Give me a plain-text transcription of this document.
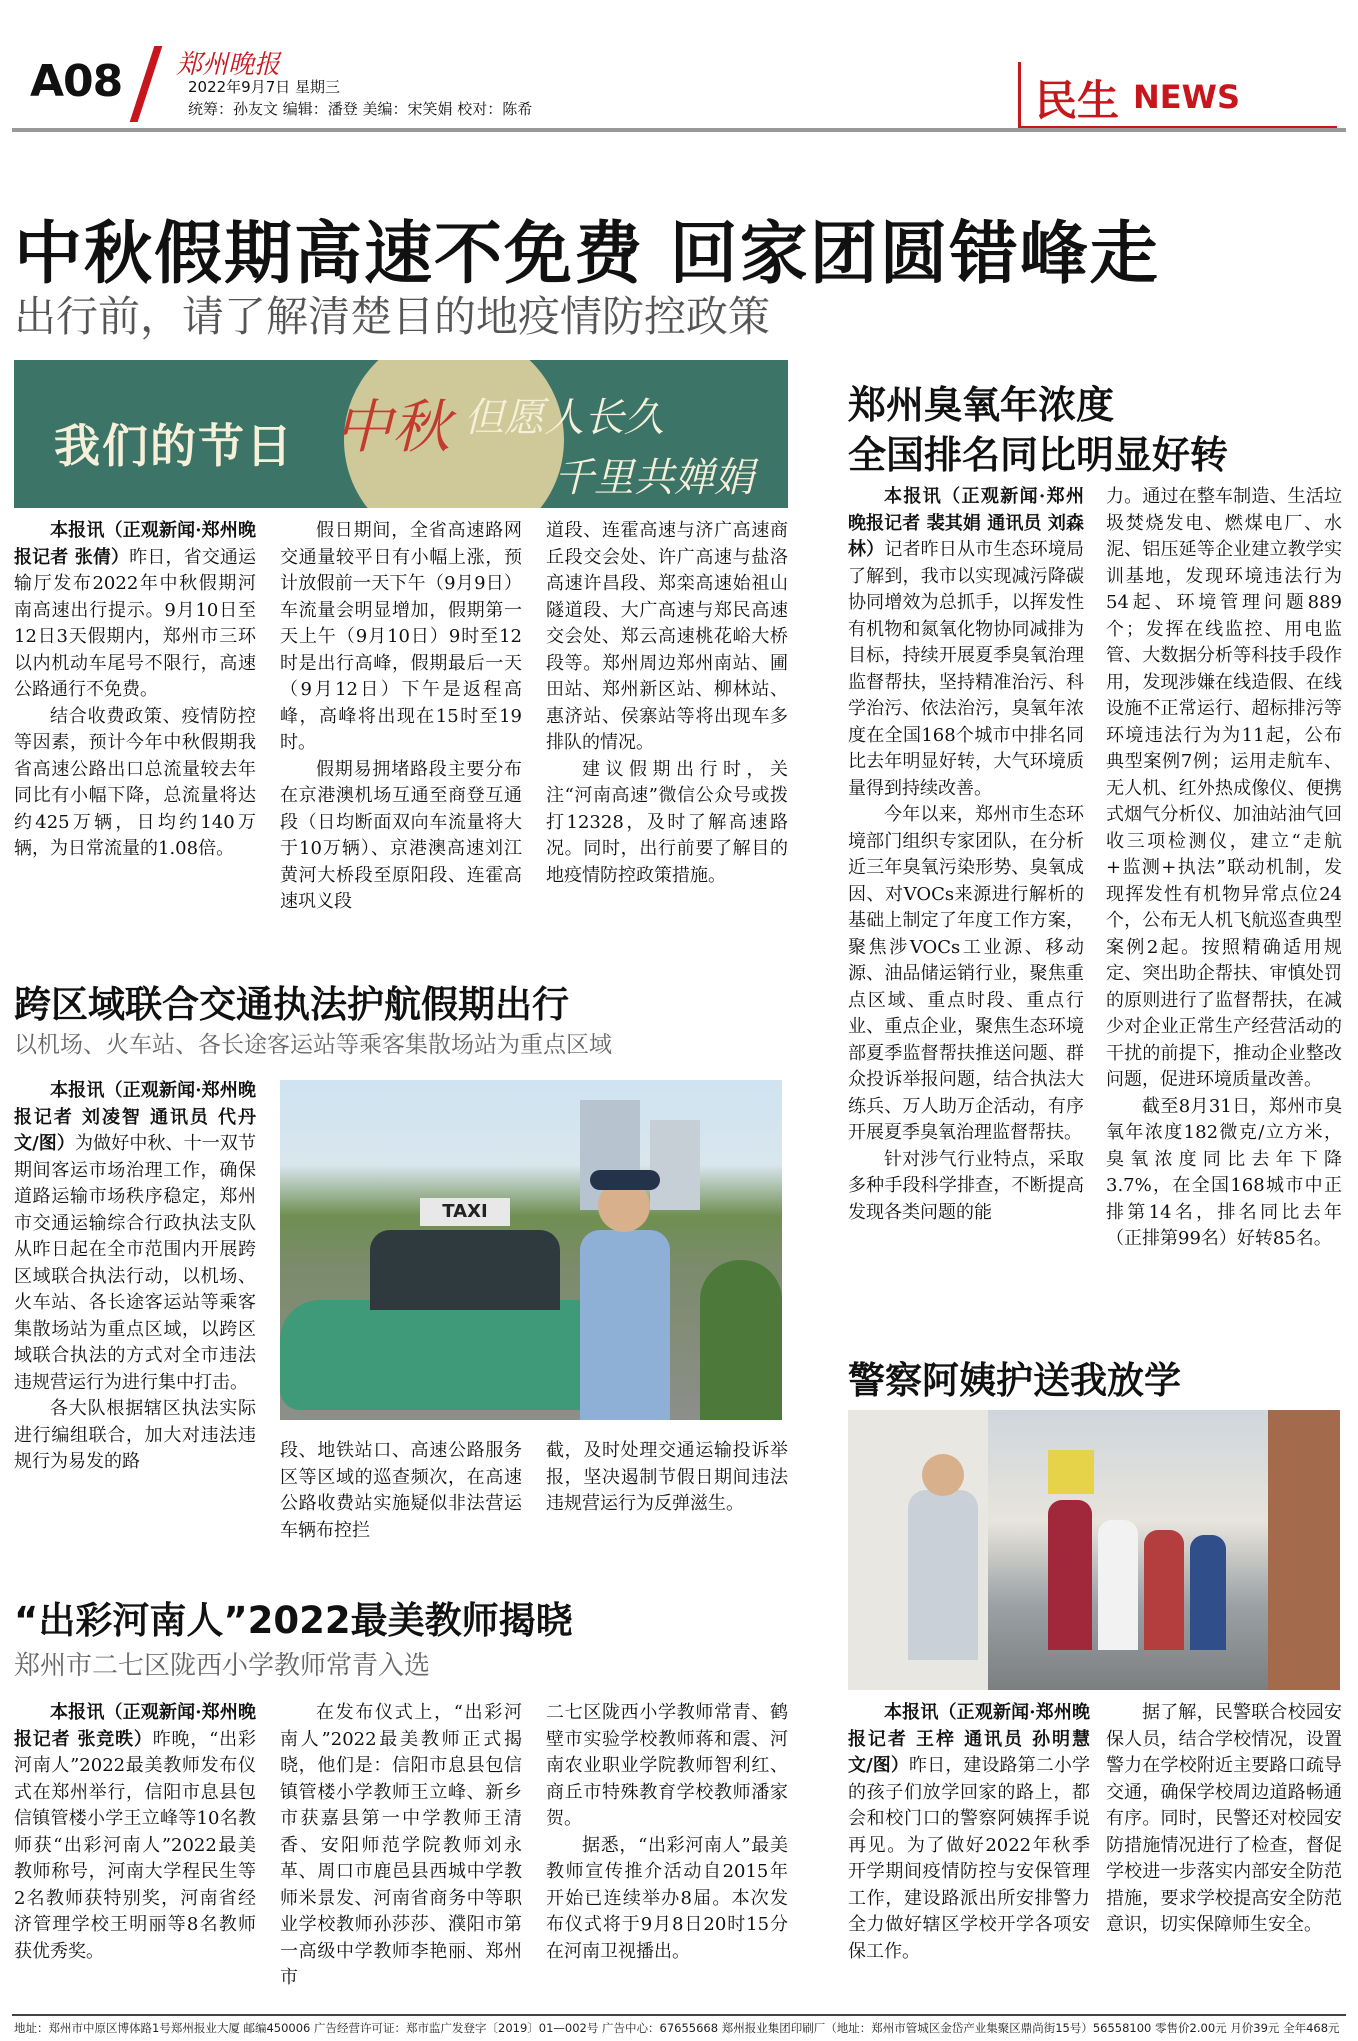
A08 郑州晚报
2022年9月7日 星期三
统筹：孙友文 编辑：潘登 美编：宋笑娟 校对：陈希	民生 NEWS
中秋假期高速不免费 回家团圆错峰走
出行前，请了解清楚目的地疫情防控政策
我们的节日 中秋 但愿人长久
千里共婵娟

本报讯（正观新闻·郑州晚报记者 张倩）昨日，省交通运输厅发布2022年中秋假期河南高速出行提示。9月10日至12日3天假期内，郑州市三环以内机动车尾号不限行，高速公路通行不免费。

结合收费政策、疫情防控等因素，预计今年中秋假期我省高速公路出口总流量较去年同比有小幅下降，总流量将达约425万辆，日均约140万辆，为日常流量的1.08倍。

假日期间，全省高速路网交通量较平日有小幅上涨，预计放假前一天下午（9月9日）车流量会明显增加，假期第一天上午（9月10日）9时至12时是出行高峰，假期最后一天（9月12日）下午是返程高峰，高峰将出现在15时至19时。

假期易拥堵路段主要分布在京港澳机场互通至商登互通段（日均断面双向车流量将大于10万辆）、京港澳高速刘江黄河大桥段至原阳段、连霍高速巩义段

道段、连霍高速与济广高速商丘段交会处、许广高速与盐洛高速许昌段、郑栾高速始祖山隧道段、大广高速与郑民高速交会处、郑云高速桃花峪大桥段等。郑州周边郑州南站、圃田站、郑州新区站、柳林站、惠济站、侯寨站等将出现车多排队的情况。

建议假期出行时，关注“河南高速”微信公众号或拨打12328，及时了解高速路况。同时，出行前要了解目的地疫情防控政策措施。

郑州臭氧年浓度
全国排名同比明显好转

本报讯（正观新闻·郑州晚报记者 裴其娟 通讯员 刘森林）记者昨日从市生态环境局了解到，我市以实现减污降碳协同增效为总抓手，以挥发性有机物和氮氧化物协同减排为目标，持续开展夏季臭氧治理监督帮扶，坚持精准治污、科学治污、依法治污，臭氧年浓度在全国168个城市中排名同比去年明显好转，大气环境质量得到持续改善。

今年以来，郑州市生态环境部门组织专家团队，在分析近三年臭氧污染形势、臭氧成因、对VOCs来源进行解析的基础上制定了年度工作方案，聚焦涉VOCs工业源、移动源、油品储运销行业，聚焦重点区域、重点时段、重点行业、重点企业，聚焦生态环境部夏季监督帮扶推送问题、群众投诉举报问题，结合执法大练兵、万人助万企活动，有序开展夏季臭氧治理监督帮扶。

针对涉气行业特点，采取多种手段科学排查，不断提高发现各类问题的能

力。通过在整车制造、生活垃圾焚烧发电、燃煤电厂、水泥、铝压延等企业建立教学实训基地，发现环境违法行为54起、环境管理问题889个；发挥在线监控、用电监管、大数据分析等科技手段作用，发现涉嫌在线造假、在线设施不正常运行、超标排污等环境违法行为为11起，公布典型案例7例；运用走航车、无人机、红外热成像仪、便携式烟气分析仪、加油站油气回收三项检测仪，建立“走航+监测+执法”联动机制，发现挥发性有机物异常点位24个，公布无人机飞航巡查典型案例2起。按照精确适用规定、突出助企帮扶、审慎处罚的原则进行了监督帮扶，在减少对企业正常生产经营活动的干扰的前提下，推动企业整改问题，促进环境质量改善。

截至8月31日，郑州市臭氧年浓度182微克/立方米，臭氧浓度同比去年下降3.7%，在全国168城市中正排第14名，排名同比去年（正排第99名）好转85名。

跨区域联合交通执法护航假期出行
以机场、火车站、各长途客运站等乘客集散场站为重点区域
TAXI

本报讯（正观新闻·郑州晚报记者 刘凌智 通讯员 代丹 文/图）为做好中秋、十一双节期间客运市场治理工作，确保道路运输市场秩序稳定，郑州市交通运输综合行政执法支队从昨日起在全市范围内开展跨区域联合执法行动，以机场、火车站、各长途客运站等乘客集散场站为重点区域，以跨区域联合执法的方式对全市违法违规营运行为进行集中打击。

各大队根据辖区执法实际进行编组联合，加大对违法违规行为易发的路

段、地铁站口、高速公路服务区等区域的巡查频次，在高速公路收费站实施疑似非法营运车辆布控拦

截，及时处理交通运输投诉举报，坚决遏制节假日期间违法违规营运行为反弹滋生。

“出彩河南人”2022最美教师揭晓
郑州市二七区陇西小学教师常青入选

本报讯（正观新闻·郑州晚报记者 张竞昳）昨晚，“出彩河南人”2022最美教师发布仪式在郑州举行，信阳市息县包信镇管楼小学王立峰等10名教师获“出彩河南人”2022最美教师称号，河南大学程民生等2名教师获特别奖，河南省经济管理学校王明丽等8名教师获优秀奖。

在发布仪式上，“出彩河南人”2022最美教师正式揭晓，他们是：信阳市息县包信镇管楼小学教师王立峰、新乡市获嘉县第一中学教师王清香、安阳师范学院教师刘永革、周口市鹿邑县西城中学教师米景发、河南省商务中等职业学校教师孙莎莎、濮阳市第一高级中学教师李艳丽、郑州市

二七区陇西小学教师常青、鹤壁市实验学校教师蒋和震、河南农业职业学院教师智利红、商丘市特殊教育学校教师潘家贺。

据悉，“出彩河南人”最美教师宣传推介活动自2015年开始已连续举办8届。本次发布仪式将于9月8日20时15分在河南卫视播出。

警察阿姨护送我放学

本报讯（正观新闻·郑州晚报记者 王梓 通讯员 孙明慧 文/图）昨日，建设路第二小学的孩子们放学回家的路上，都会和校门口的警察阿姨挥手说再见。为了做好2022年秋季开学期间疫情防控与安保管理工作，建设路派出所安排警力全力做好辖区学校开学各项安保工作。

据了解，民警联合校园安保人员，结合学校情况，设置警力在学校附近主要路口疏导交通，确保学校周边道路畅通有序。同时，民警还对校园安防措施情况进行了检查，督促学校进一步落实内部安全防范措施，要求学校提高安全防范意识，切实保障师生安全。

地址：郑州市中原区博体路1号郑州报业大厦 邮编450006 广告经营许可证：郑市监广发登字〔2019〕01—002号 广告中心：67655668 郑州报业集团印刷厂（地址：郑州市管城区金岱产业集聚区鼎尚街15号）56558100 零售价2.00元 月价39元 全年468元
